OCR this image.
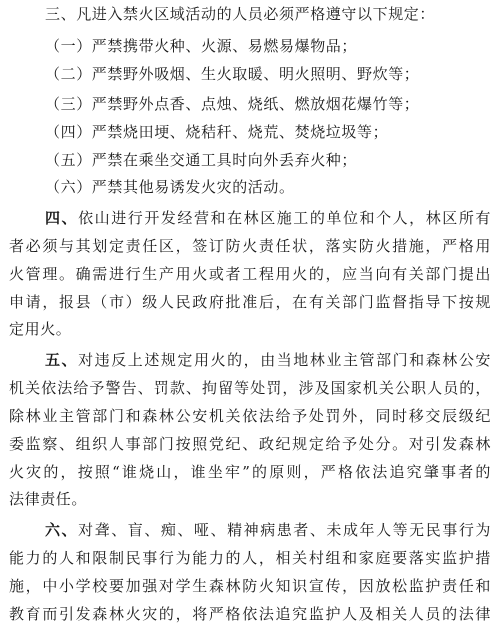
三、凡进入禁火区域活动的人员必须严格遵守以下规定：
（一）严禁携带火种、火源、易燃易爆物品；
（二）严禁野外吸烟、生火取暖、明火照明、野炊等；
（三）严禁野外点香、点烛、烧纸、燃放烟花爆竹等；
（四）严禁烧田埂、烧秸秆、烧荒、焚烧垃圾等；
（五）严禁在乘坐交通工具时向外丢弃火种；
（六）严禁其他易诱发火灾的活动。
四、依山进行开发经营和在林区施工的单位和个人，林区所有
者必须与其划定责任区，签订防火责任状，落实防火措施，严格用
火管理。确需进行生产用火或者工程用火的，应当向有关部门提出
申请，报县（市）级人民政府批准后，在有关部门监督指导下按规
定用火。
五、对违反上述规定用火的，由当地林业主管部门和森林公安
机关依法给予警告、罚款、拘留等处罚，涉及国家机关公职人员的，
除林业主管部门和森林公安机关依法给予处罚外，同时移交辰级纪
委监察、组织人事部门按照党纪、政纪规定给予处分。对引发森林
火灾的，按照“谁烧山，谁坐牢”的原则，严格依法追究肇事者的
法律责任。
六、对聋、盲、痴、哑、精神病患者、未成年人等无民事行为
能力的人和限制民事行为能力的人，相关村组和家庭要落实监护措
施，中小学校要加强对学生森林防火知识宣传，因放松监护责任和
教育而引发森林火灾的，将严格依法追究监护人及相关人员的法律
